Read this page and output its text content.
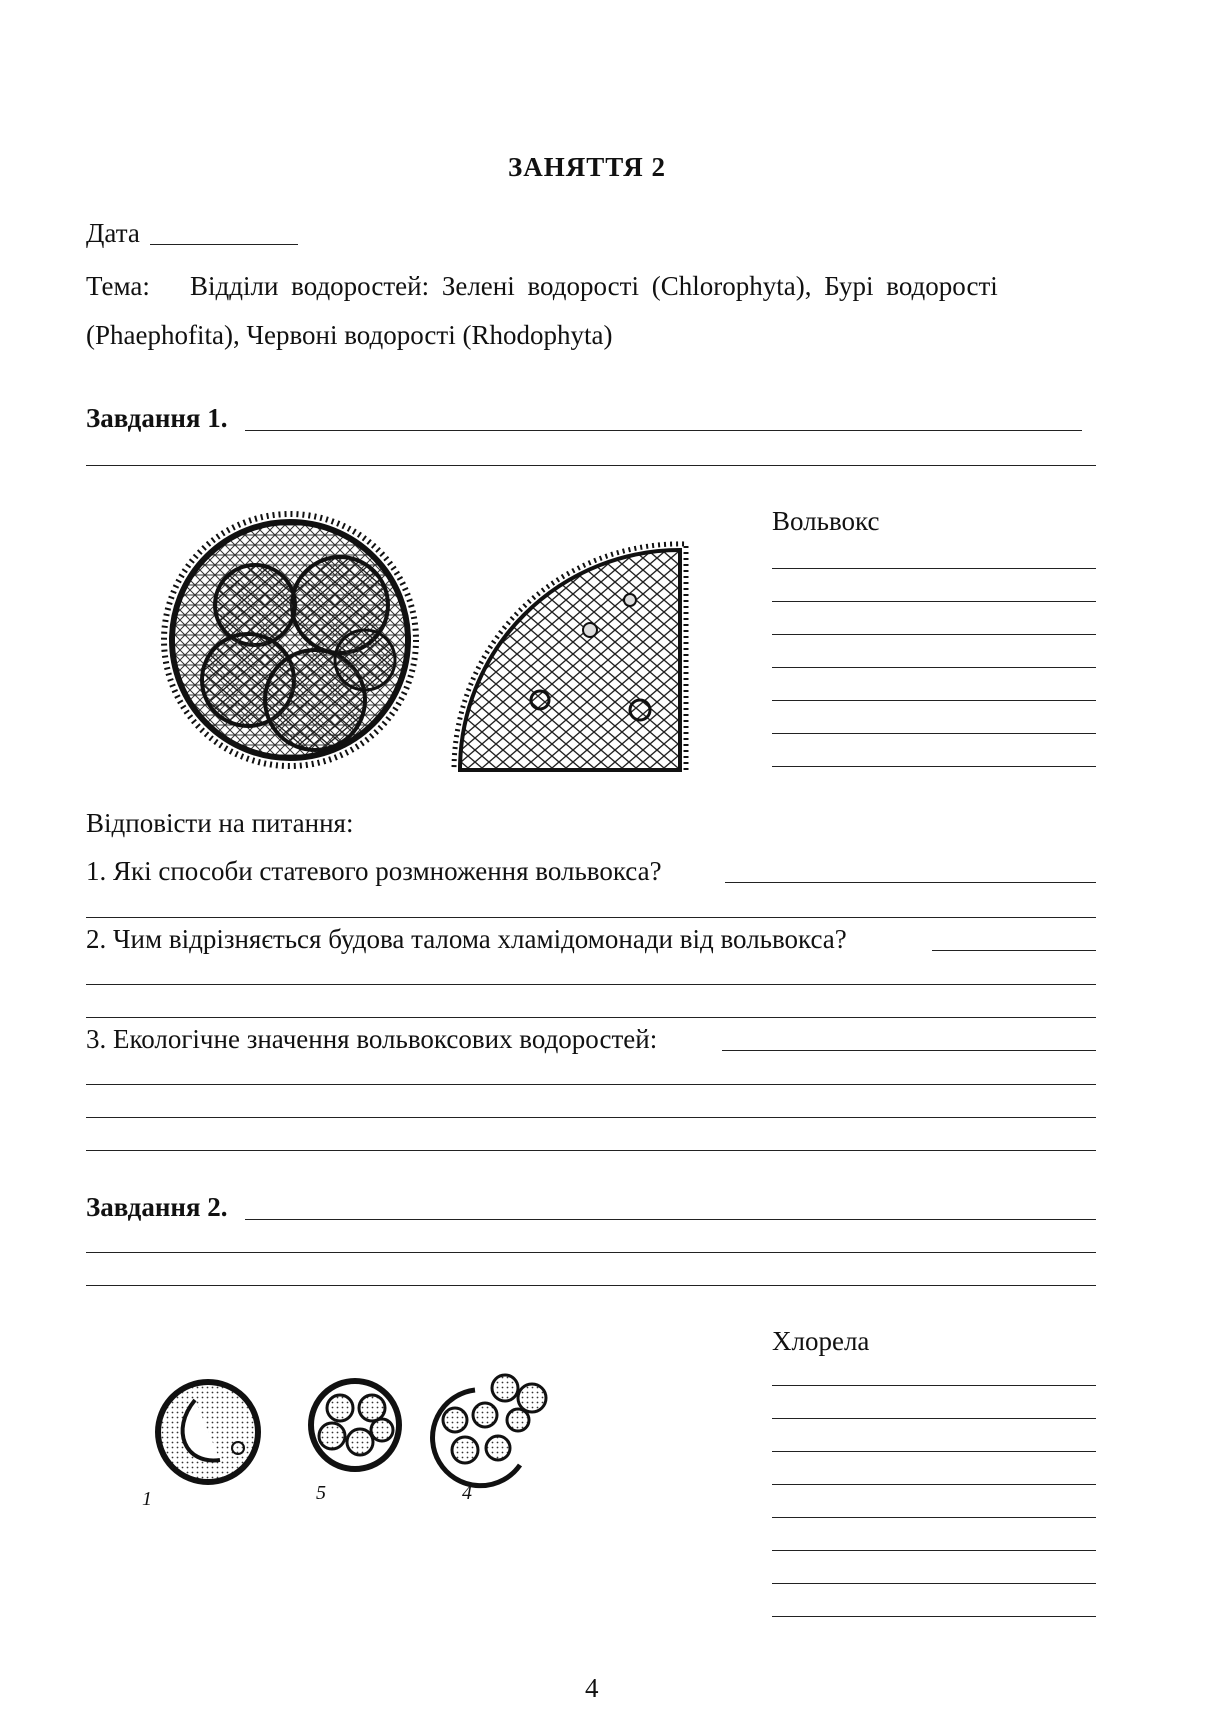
ЗАНЯТТЯ 2
Дата
Тема: Відділи водоростей: Зелені водорості (Chlorophyta), Бурі водорості
(Phaephofita), Червоні водорості (Rhodophyta)
Завдання 1.
Вольвокс
Відповісти на питання:
1. Які способи статевого розмноження вольвокса?
2. Чим відрізняється будова талома хламідомонади від вольвокса?
3. Екологічне значення вольвоксових водоростей:
Завдання 2.
Хлорела
1	5	4
4
